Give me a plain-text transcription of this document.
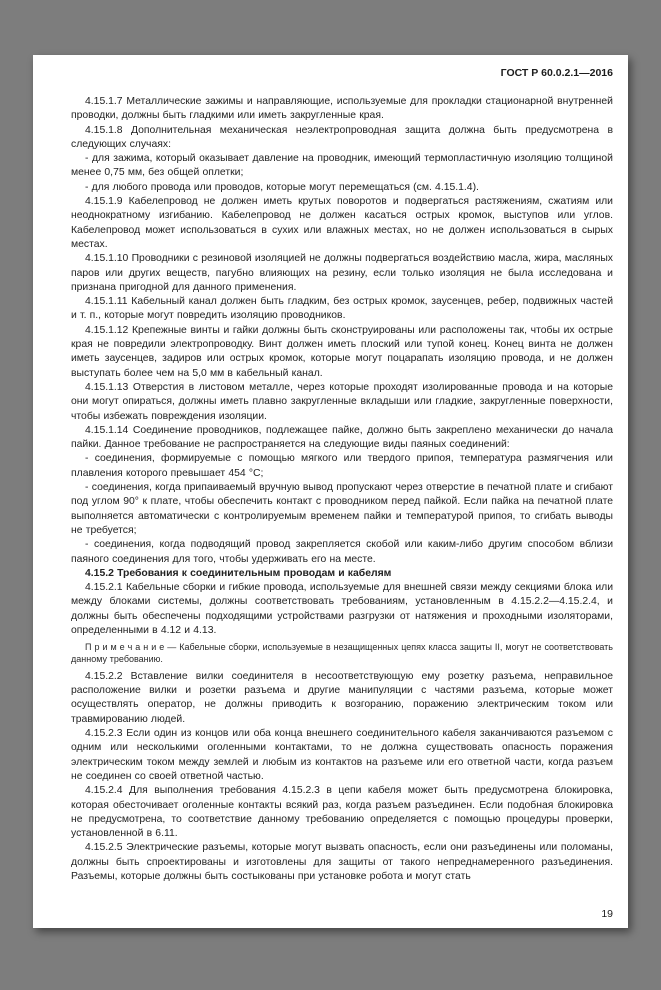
ГОСТ Р 60.0.2.1—2016

4.15.1.7 Металлические зажимы и направляющие, используемые для прокладки стационарной внутренней проводки, должны быть гладкими или иметь закругленные края.

4.15.1.8 Дополнительная механическая неэлектропроводная защита должна быть предусмотрена в следующих случаях:

- для зажима, который оказывает давление на проводник, имеющий термопластичную изоляцию толщиной менее 0,75 мм, без общей оплетки;

- для любого провода или проводов, которые могут перемещаться (см. 4.15.1.4).

4.15.1.9 Кабелепровод не должен иметь крутых поворотов и подвергаться растяжениям, сжатиям или неоднократному изгибанию. Кабелепровод не должен касаться острых кромок, выступов или углов. Кабелепровод может использоваться в сухих или влажных местах, но не должен использоваться в сырых местах.

4.15.1.10 Проводники с резиновой изоляцией не должны подвергаться воздействию масла, жира, масляных паров или других веществ, пагубно влияющих на резину, если только изоляция не была исследована и признана пригодной для данного применения.

4.15.1.11 Кабельный канал должен быть гладким, без острых кромок, заусенцев, ребер, подвижных частей и т. п., которые могут повредить изоляцию проводников.

4.15.1.12 Крепежные винты и гайки должны быть сконструированы или расположены так, чтобы их острые края не повредили электропроводку. Винт должен иметь плоский или тупой конец. Конец винта не должен иметь заусенцев, задиров или острых кромок, которые могут поцарапать изоляцию провода, и не должен выступать более чем на 5,0 мм в кабельный канал.

4.15.1.13 Отверстия в листовом металле, через которые проходят изолированные провода и на которые они могут опираться, должны иметь плавно закругленные вкладыши или гладкие, закругленные поверхности, чтобы избежать повреждения изоляции.

4.15.1.14 Соединение проводников, подлежащее пайке, должно быть закреплено механически до начала пайки. Данное требование не распространяется на следующие виды паяных соединений:

- соединения, формируемые с помощью мягкого или твердого припоя, температура размягчения или плавления которого превышает 454 °С;

- соединения, когда припаиваемый вручную вывод пропускают через отверстие в печатной плате и сгибают под углом 90° к плате, чтобы обеспечить контакт с проводником перед пайкой. Если пайка на печатной плате выполняется автоматически с контролируемым временем пайки и температурой припоя, то сгибать выводы не требуется;

- соединения, когда подводящий провод закрепляется скобой или каким-либо другим способом вблизи паяного соединения для того, чтобы удерживать его на месте.

4.15.2 Требования к соединительным проводам и кабелям

4.15.2.1 Кабельные сборки и гибкие провода, используемые для внешней связи между секциями блока или между блоками системы, должны соответствовать требованиям, установленным в 4.15.2.2—4.15.2.4, и должны быть обеспечены подходящими устройствами разгрузки от натяжения и проходными изоляторами, определенными в 4.12 и 4.13.

П р и м е ч а н и е — Кабельные сборки, используемые в незащищенных цепях класса защиты II, могут не соответствовать данному требованию.

4.15.2.2 Вставление вилки соединителя в несоответствующую ему розетку разъема, неправильное расположение вилки и розетки разъема и другие манипуляции с частями разъема, которые может осуществлять оператор, не должны приводить к возгоранию, поражению электрическим током или травмированию людей.

4.15.2.3 Если один из концов или оба конца внешнего соединительного кабеля заканчиваются разъемом с одним или несколькими оголенными контактами, то не должна существовать опасность поражения электрическим током между землей и любым из контактов на разъеме или его ответной части, когда разъем не соединен со своей ответной частью.

4.15.2.4 Для выполнения требования 4.15.2.3 в цепи кабеля может быть предусмотрена блокировка, которая обесточивает оголенные контакты всякий раз, когда разъем разъединен. Если подобная блокировка не предусмотрена, то соответствие данному требованию определяется с помощью процедуры проверки, установленной в 6.11.

4.15.2.5 Электрические разъемы, которые могут вызвать опасность, если они разъединены или поломаны, должны быть спроектированы и изготовлены для защиты от такого непреднамеренного разъединения. Разъемы, которые должны быть состыкованы при установке робота и могут стать

19
